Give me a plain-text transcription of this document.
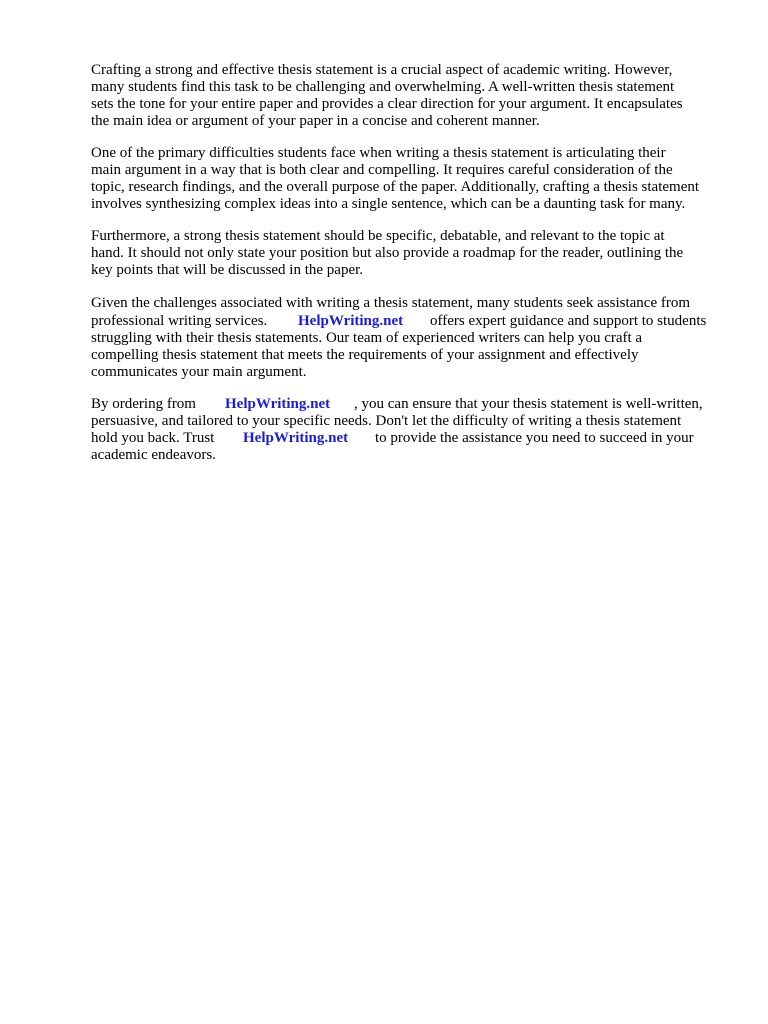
Crafting a strong and effective thesis statement is a crucial aspect of academic writing. However,

many students find this task to be challenging and overwhelming. A well-written thesis statement

sets the tone for your entire paper and provides a clear direction for your argument. It encapsulates

the main idea or argument of your paper in a concise and coherent manner.

One of the primary difficulties students face when writing a thesis statement is articulating their

main argument in a way that is both clear and compelling. It requires careful consideration of the

topic, research findings, and the overall purpose of the paper. Additionally, crafting a thesis statement

involves synthesizing complex ideas into a single sentence, which can be a daunting task for many.

Furthermore, a strong thesis statement should be specific, debatable, and relevant to the topic at

hand. It should not only state your position but also provide a roadmap for the reader, outlining the

key points that will be discussed in the paper.

Given the challenges associated with writing a thesis statement, many students seek assistance from

professional writing services. HelpWriting.net offers expert guidance and support to students

struggling with their thesis statements. Our team of experienced writers can help you craft a

compelling thesis statement that meets the requirements of your assignment and effectively

communicates your main argument.

By ordering from HelpWriting.net , you can ensure that your thesis statement is well-written,

persuasive, and tailored to your specific needs. Don't let the difficulty of writing a thesis statement

hold you back. Trust HelpWriting.net to provide the assistance you need to succeed in your

academic endeavors.
